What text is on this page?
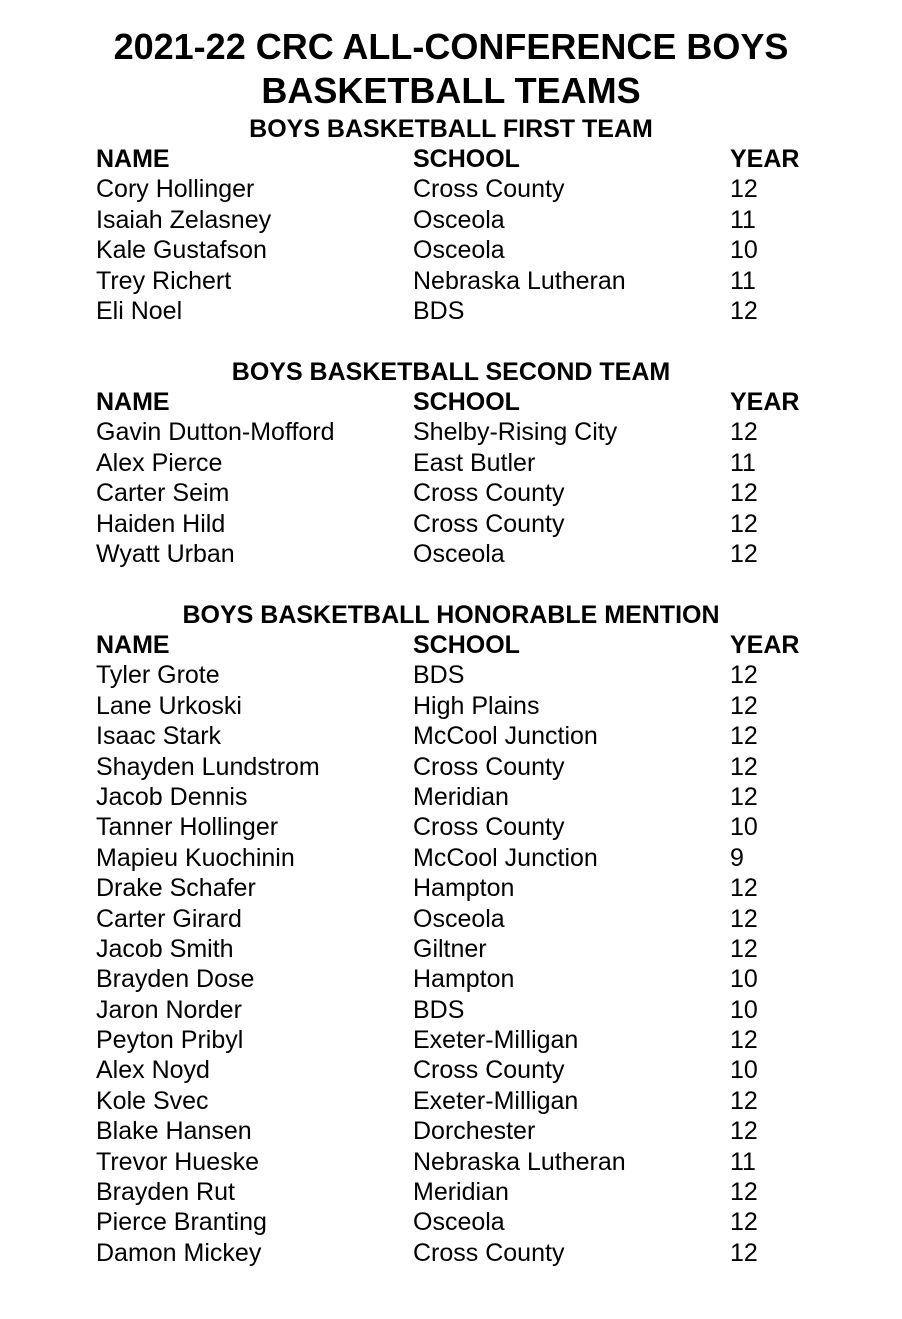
2021-22 CRC ALL-CONFERENCE BOYS
BASKETBALL TEAMS
BOYS BASKETBALL FIRST TEAM
NAME	SCHOOL	YEAR
Cory Hollinger	Cross County	12
Isaiah Zelasney	Osceola	11
Kale Gustafson	Osceola	10
Trey Richert	Nebraska Lutheran	11
Eli Noel	BDS	12
BOYS BASKETBALL SECOND TEAM
NAME	SCHOOL	YEAR
Gavin Dutton-Mofford	Shelby-Rising City	12
Alex Pierce	East Butler	11
Carter Seim	Cross County	12
Haiden Hild	Cross County	12
Wyatt Urban	Osceola	12
BOYS BASKETBALL HONORABLE MENTION
NAME	SCHOOL	YEAR
Tyler Grote	BDS	12
Lane Urkoski	High Plains	12
Isaac Stark	McCool Junction	12
Shayden Lundstrom	Cross County	12
Jacob Dennis	Meridian	12
Tanner Hollinger	Cross County	10
Mapieu Kuochinin	McCool Junction	9
Drake Schafer	Hampton	12
Carter Girard	Osceola	12
Jacob Smith	Giltner	12
Brayden Dose	Hampton	10
Jaron Norder	BDS	10
Peyton Pribyl	Exeter-Milligan	12
Alex Noyd	Cross County	10
Kole Svec	Exeter-Milligan	12
Blake Hansen	Dorchester	12
Trevor Hueske	Nebraska Lutheran	11
Brayden Rut	Meridian	12
Pierce Branting	Osceola	12
Damon Mickey	Cross County	12
